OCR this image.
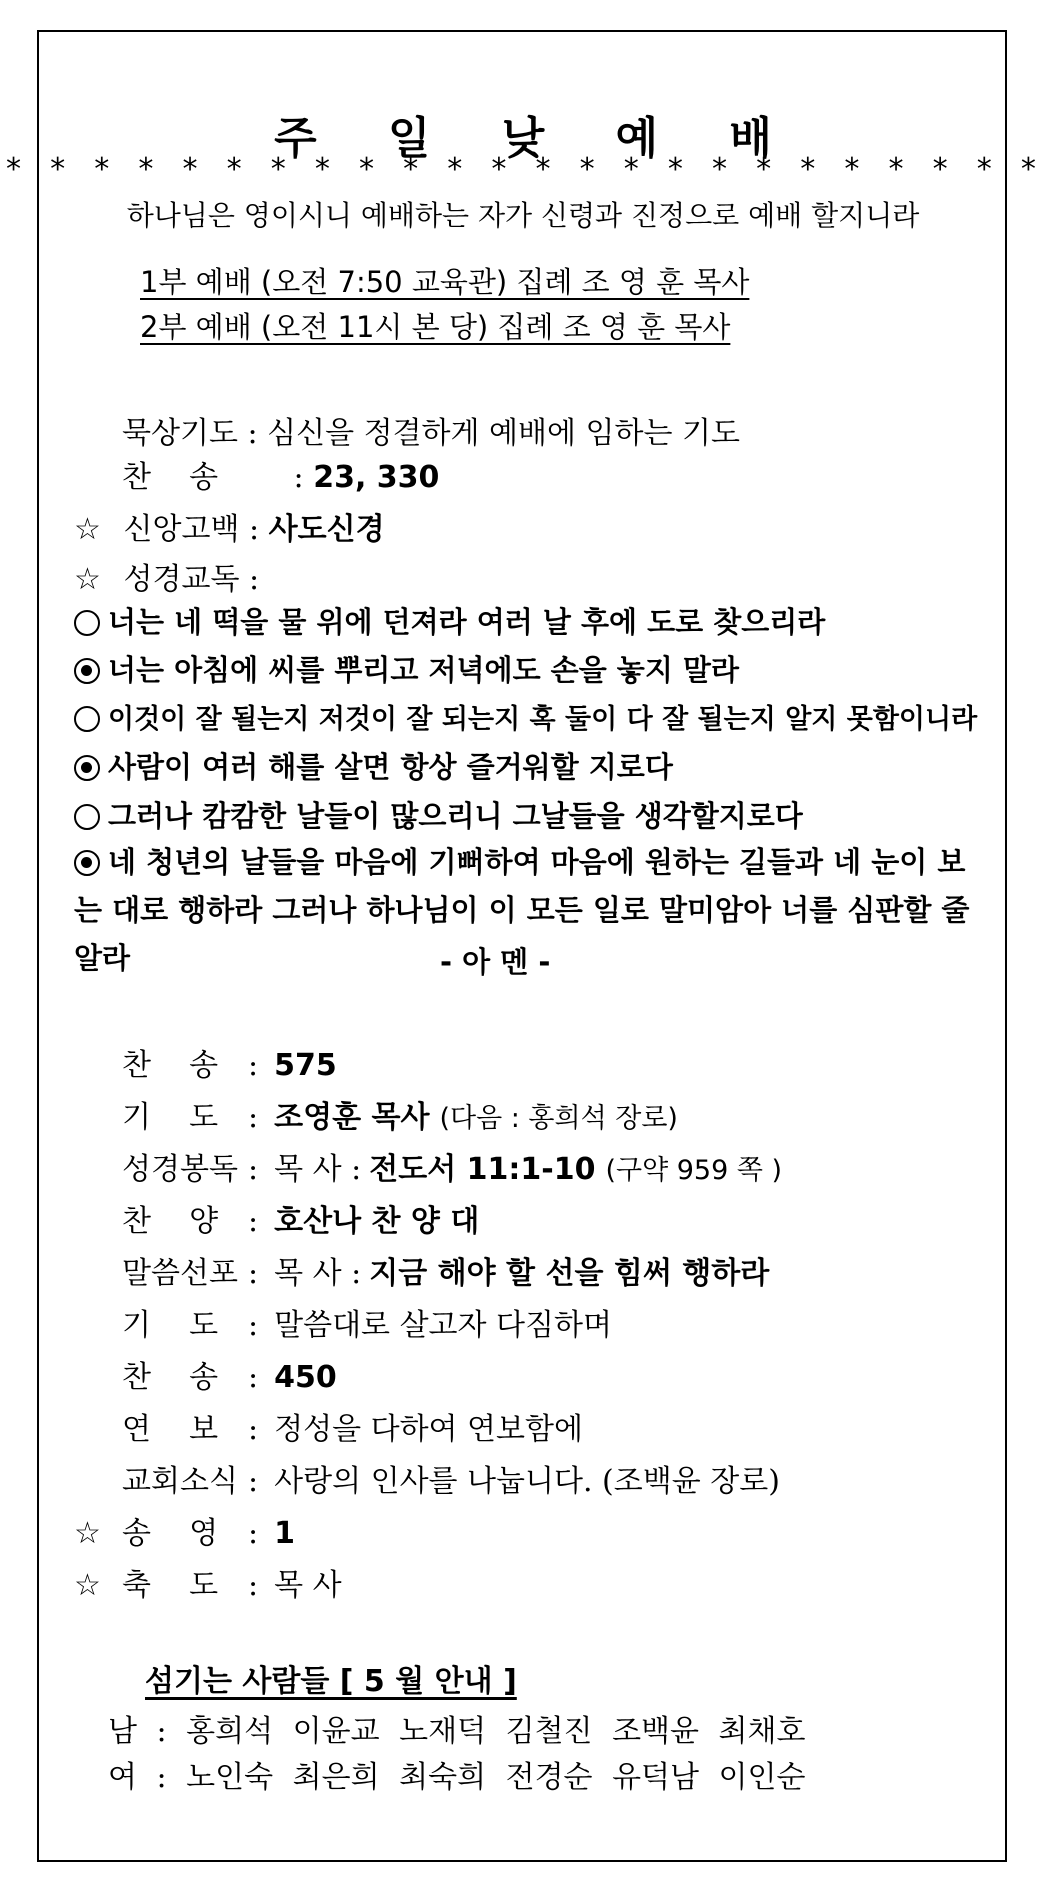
주 일 낮 예 배
* * * * * * * * * * * * * * * * * * * * * * * *
하나님은 영이시니 예배하는 자가 신령과 진정으로 예배 할지니라
1부 예배 (오전 7:50 교육관) 집례 조 영 훈 목사
2부 예배 (오전 11시 본 당) 집례 조 영 훈 목사
묵상기도 : 심신을 정결하게 예배에 임하는 기도
찬    송	: 23, 330
☆ 신앙고백 : 사도신경
☆ 성경교독 :
너는 네 떡을 물 위에 던져라 여러 날 후에 도로 찾으리라
너는 아침에 씨를 뿌리고 저녁에도 손을 놓지 말라
이것이 잘 될는지 저것이 잘 되는지 혹 둘이 다 잘 될는지 알지 못함이니라
사람이 여러 해를 살면 항상 즐거워할 지로다
그러나 캄캄한 날들이 많으리니 그날들을 생각할지로다
네 청년의 날들을 마음에 기뻐하여 마음에 원하는 길들과 네 눈이 보는 대로 행하라 그러나 하나님이 이 모든 일로 말미암아 너를 심판할 줄 알라	- 아 멘 -
찬    송 : 575
기    도 : 조영훈 목사 (다음 : 홍희석 장로)
성경봉독 : 목 사 : 전도서 11:1-10 (구약 959 쪽 )
찬    양 : 호산나 찬 양 대
말씀선포 : 목 사 : 지금 해야 할 선을 힘써 행하라
기    도 : 말씀대로 살고자 다짐하며
찬    송 : 450
연    보 : 정성을 다하여 연보함에
교회소식 : 사랑의 인사를 나눕니다. (조백윤 장로)
☆ 송    영 : 1
☆ 축    도 : 목 사
섬기는 사람들 [ 5 월 안내 ]
남 : 홍희석 이윤교 노재덕 김철진 조백윤 최채호
여 : 노인숙 최은희 최숙희 전경순 유덕남 이인순
